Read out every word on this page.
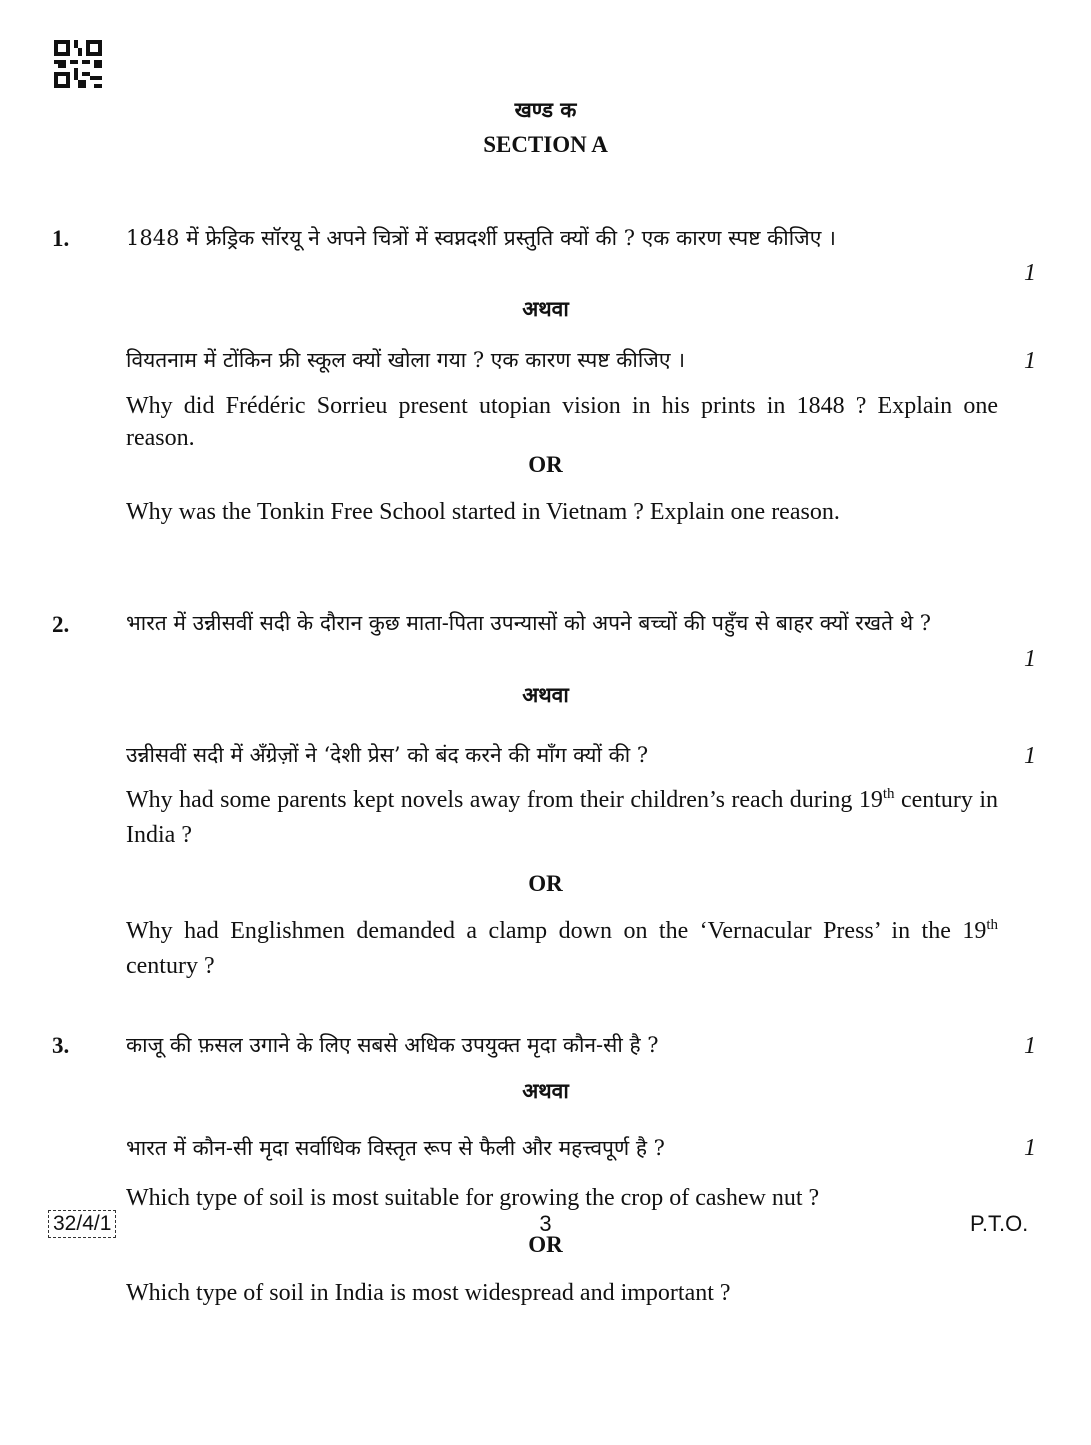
खण्ड क
SECTION A
1.	1848 में फ्रेड्रिक सॉरयू ने अपने चित्रों में स्वप्नदर्शी प्रस्तुति क्यों की ? एक कारण स्पष्ट कीजिए ।
1
अथवा
वियतनाम में टोंकिन फ्री स्कूल क्यों खोला गया ? एक कारण स्पष्ट कीजिए ।	1
Why did Frédéric Sorrieu present utopian vision in his prints in 1848 ? Explain one reason.
OR
Why was the Tonkin Free School started in Vietnam ? Explain one reason.
2.	भारत में उन्नीसवीं सदी के दौरान कुछ माता-पिता उपन्यासों को अपने बच्चों की पहुँच से बाहर क्यों रखते थे ?
1
अथवा
उन्नीसवीं सदी में अँग्रेज़ों ने ‘देशी प्रेस’ को बंद करने की माँग क्यों की ?	1
Why had some parents kept novels away from their children’s reach during 19th century in India ?
OR
Why had Englishmen demanded a clamp down on the ‘Vernacular Press’ in the 19th century ?
3.	काजू की फ़सल उगाने के लिए सबसे अधिक उपयुक्त मृदा कौन-सी है ?	1
अथवा
भारत में कौन-सी मृदा सर्वाधिक विस्तृत रूप से फैली और महत्त्वपूर्ण है ?	1
Which type of soil is most suitable for growing the crop of cashew nut ?
OR
Which type of soil in India is most widespread and important ?
32/4/1	3	P.T.O.
